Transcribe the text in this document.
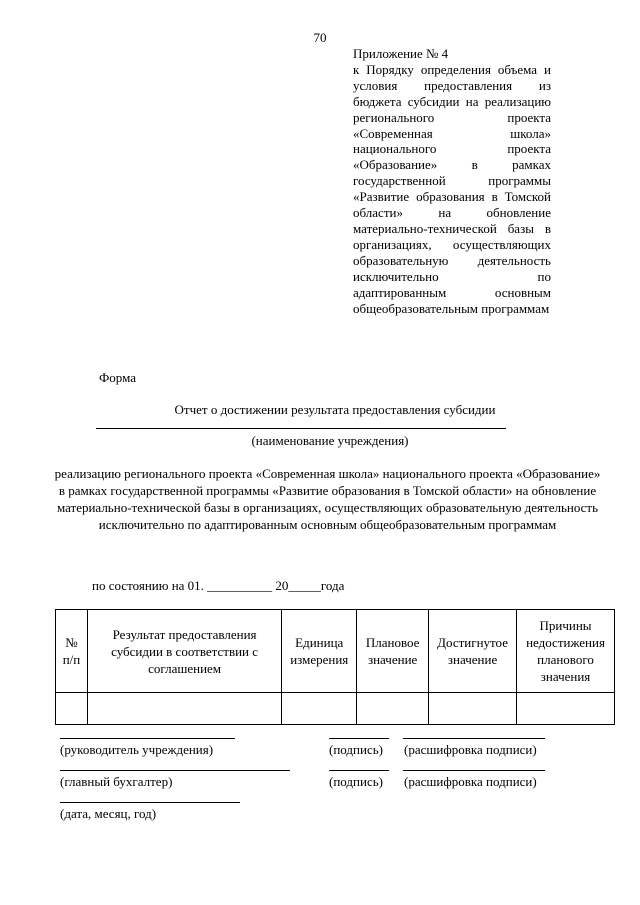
70
Приложение № 4
к Порядку определения объема и условия предоставления из бюджета субсидии на реализацию регионального проекта «Современная школа» национального проекта «Образование» в рамках государственной программы «Развитие образования в Томской области» на обновление материально-технической базы в организациях, осуществляющих образовательную деятельность исключительно по адаптированным основным общеобразовательным программам
Форма
Отчет о достижении результата предоставления субсидии
(наименование учреждения)
реализацию регионального проекта «Современная школа» национального проекта «Образование» в рамках государственной программы «Развитие образования в Томской области» на обновление материально-технической базы в организациях, осуществляющих образовательную деятельность исключительно по адаптированным основным общеобразовательным программам
по состоянию на 01. __________ 20_____года
№ п/п	Результат предоставления субсидии в соответствии с соглашением	Единица измерения	Плановое значение	Достигнутое значение	Причины недостижения планового значения

(руководитель учреждения)	(подпись) (расшифровка подписи)
(главный бухгалтер)	(подпись) (расшифровка подписи)
(дата, месяц, год)
